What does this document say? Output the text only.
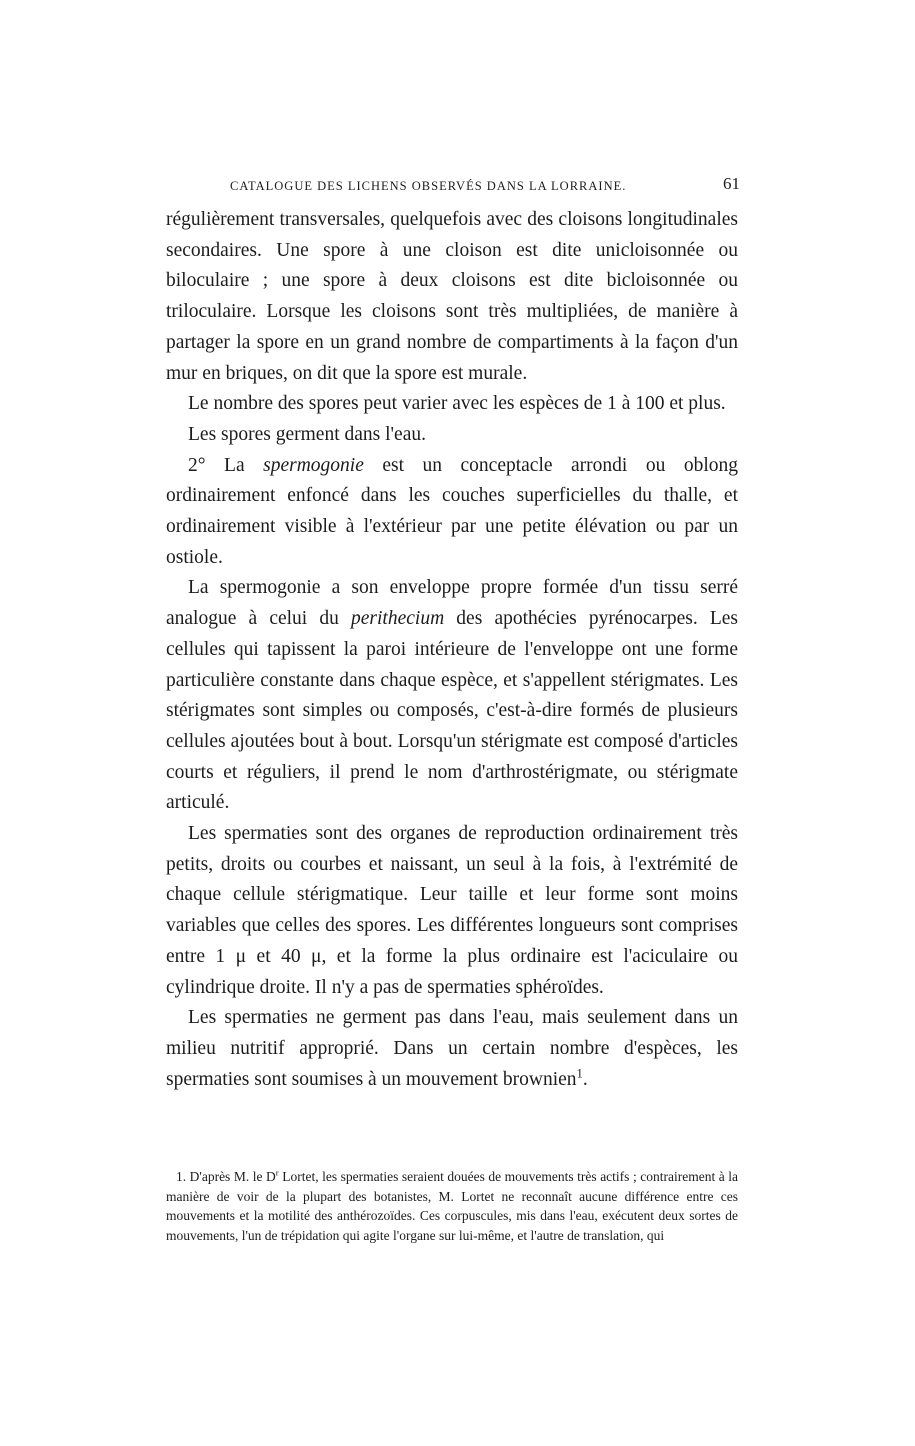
CATALOGUE DES LICHENS OBSERVÉS DANS LA LORRAINE.	61

régulièrement transversales, quelquefois avec des cloisons longitudinales secondaires. Une spore à une cloison est dite unicloisonnée ou biloculaire ; une spore à deux cloisons est dite bicloisonnée ou triloculaire. Lorsque les cloisons sont très multipliées, de manière à partager la spore en un grand nombre de compartiments à la façon d'un mur en briques, on dit que la spore est murale.

Le nombre des spores peut varier avec les espèces de 1 à 100 et plus.

Les spores germent dans l'eau.

2° La spermogonie est un conceptacle arrondi ou oblong ordinairement enfoncé dans les couches superficielles du thalle, et ordinairement visible à l'extérieur par une petite élévation ou par un ostiole.

La spermogonie a son enveloppe propre formée d'un tissu serré analogue à celui du perithecium des apothécies pyrénocarpes. Les cellules qui tapissent la paroi intérieure de l'enveloppe ont une forme particulière constante dans chaque espèce, et s'appellent stérigmates. Les stérigmates sont simples ou composés, c'est-à-dire formés de plusieurs cellules ajoutées bout à bout. Lorsqu'un stérigmate est composé d'articles courts et réguliers, il prend le nom d'arthrostérigmate, ou stérigmate articulé.

Les spermaties sont des organes de reproduction ordinairement très petits, droits ou courbes et naissant, un seul à la fois, à l'extrémité de chaque cellule stérigmatique. Leur taille et leur forme sont moins variables que celles des spores. Les différentes longueurs sont comprises entre 1 μ et 40 μ, et la forme la plus ordinaire est l'aciculaire ou cylindrique droite. Il n'y a pas de spermaties sphéroïdes.

Les spermaties ne germent pas dans l'eau, mais seulement dans un milieu nutritif approprié. Dans un certain nombre d'espèces, les spermaties sont soumises à un mouvement brownien$^1$.

1. D'après M. le $D^r$ Lortet, les spermaties seraient douées de mouvements très actifs ; contrairement à la manière de voir de la plupart des botanistes, M. Lortet ne reconnaît aucune différence entre ces mouvements et la motilité des anthérozoïdes. Ces corpuscules, mis dans l'eau, exécutent deux sortes de mouvements, l'un de trépidation qui agite l'organe sur lui-même, et l'autre de translation, qui
